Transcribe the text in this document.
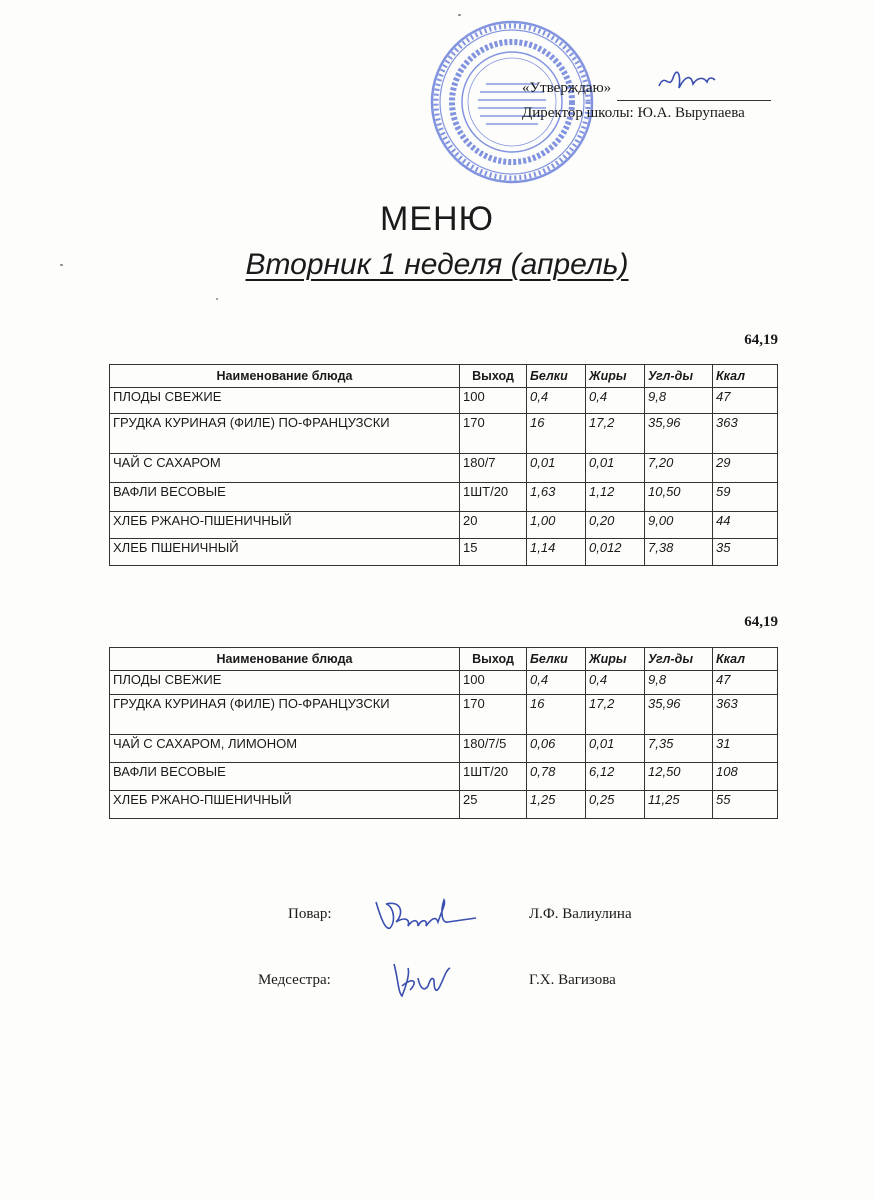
«Утверждаю»
Директор школы: Ю.А. Вырупаева
МЕНЮ
Вторник 1 неделя (апрель)
64,19
Наименование блюда	Выход	Белки	Жиры	Угл-ды	Ккал
ПЛОДЫ СВЕЖИЕ	100	0,4	0,4	9,8	47
ГРУДКА КУРИНАЯ (ФИЛЕ) ПО-ФРАНЦУЗСКИ	170	16	17,2	35,96	363
ЧАЙ С САХАРОМ	180/7	0,01	0,01	7,20	29
ВАФЛИ ВЕСОВЫЕ	1ШТ/20	1,63	1,12	10,50	59
ХЛЕБ РЖАНО-ПШЕНИЧНЫЙ	20	1,00	0,20	9,00	44
ХЛЕБ ПШЕНИЧНЫЙ	15	1,14	0,012	7,38	35
64,19
Наименование блюда	Выход	Белки	Жиры	Угл-ды	Ккал
ПЛОДЫ СВЕЖИЕ	100	0,4	0,4	9,8	47
ГРУДКА КУРИНАЯ (ФИЛЕ) ПО-ФРАНЦУЗСКИ	170	16	17,2	35,96	363
ЧАЙ С САХАРОМ, ЛИМОНОМ	180/7/5	0,06	0,01	7,35	31
ВАФЛИ ВЕСОВЫЕ	1ШТ/20	0,78	6,12	12,50	108
ХЛЕБ РЖАНО-ПШЕНИЧНЫЙ	25	1,25	0,25	11,25	55
Повар:	Л.Ф. Валиулина
Медсестра:	Г.Х. Вагизова
